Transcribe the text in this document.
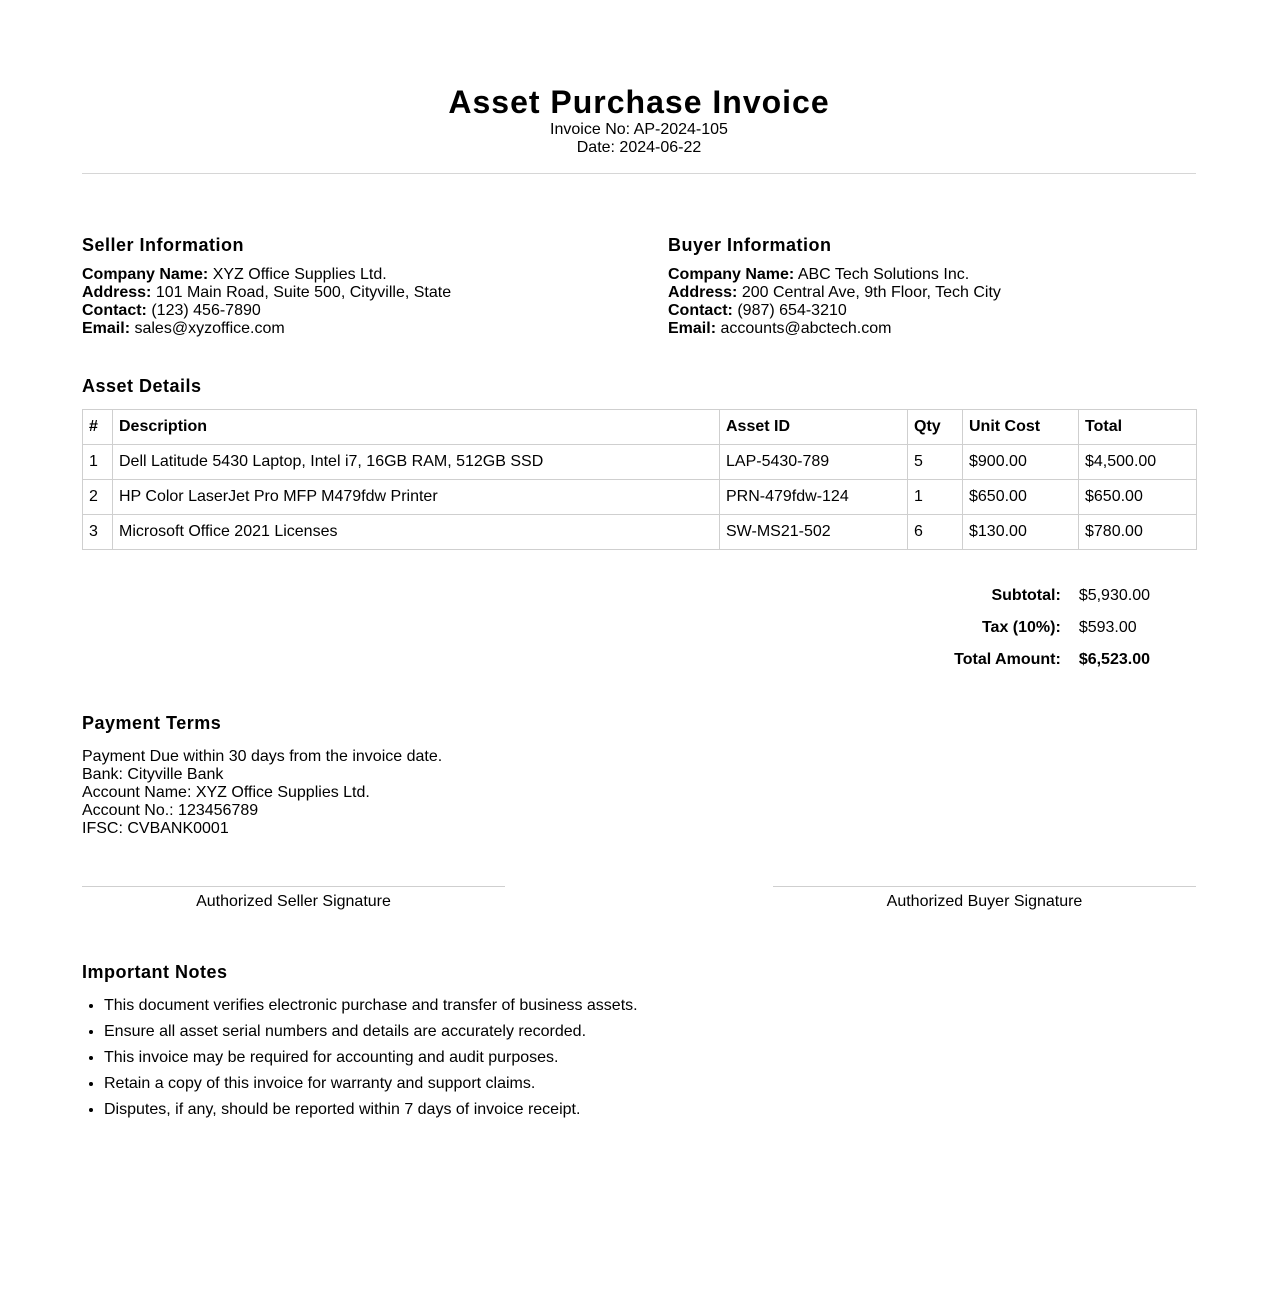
Asset Purchase Invoice
Invoice No: AP-2024-105
Date: 2024-06-22
Seller Information
Company Name: XYZ Office Supplies Ltd.
Address: 101 Main Road, Suite 500, Cityville, State
Contact: (123) 456-7890
Email: sales@xyzoffice.com
Buyer Information
Company Name: ABC Tech Solutions Inc.
Address: 200 Central Ave, 9th Floor, Tech City
Contact: (987) 654-3210
Email: accounts@abctech.com
Asset Details
#	Description	Asset ID	Qty	Unit Cost	Total
1	Dell Latitude 5430 Laptop, Intel i7, 16GB RAM, 512GB SSD	LAP-5430-789	5	$900.00	$4,500.00
2	HP Color LaserJet Pro MFP M479fdw Printer	PRN-479fdw-124	1	$650.00	$650.00
3	Microsoft Office 2021 Licenses	SW-MS21-502	6	$130.00	$780.00
Subtotal:	$5,930.00
Tax (10%):	$593.00
Total Amount:	$6,523.00
Payment Terms
Payment Due within 30 days from the invoice date.
Bank: Cityville Bank
Account Name: XYZ Office Supplies Ltd.
Account No.: 123456789
IFSC: CVBANK0001
Authorized Seller Signature	Authorized Buyer Signature
Important Notes
• This document verifies electronic purchase and transfer of business assets.
• Ensure all asset serial numbers and details are accurately recorded.
• This invoice may be required for accounting and audit purposes.
• Retain a copy of this invoice for warranty and support claims.
• Disputes, if any, should be reported within 7 days of invoice receipt.
